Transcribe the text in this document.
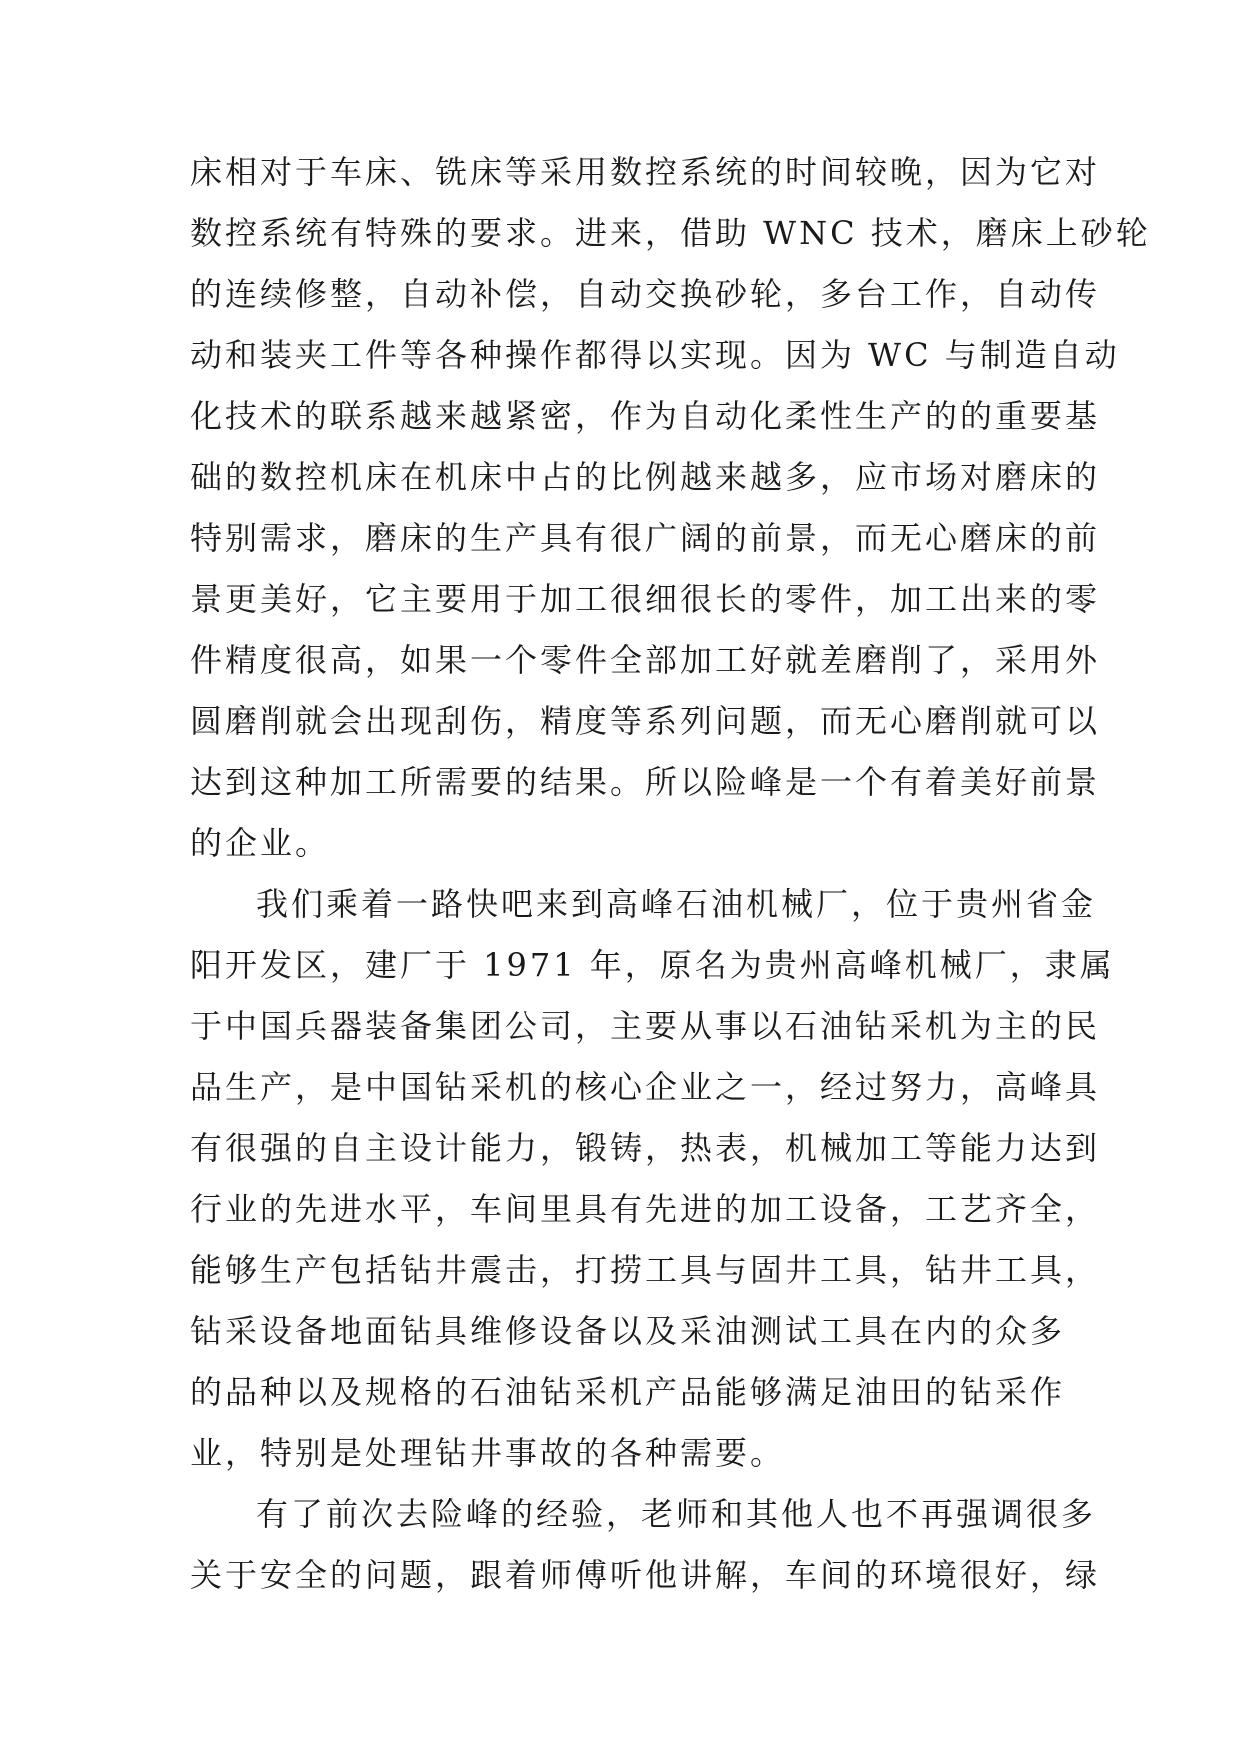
床相对于车床、铣床等采用数控系统的时间较晚，因为它对
数控系统有特殊的要求。进来，借助 WNC 技术，磨床上砂轮
的连续修整，自动补偿，自动交换砂轮，多台工作，自动传
动和装夹工件等各种操作都得以实现。因为 WC 与制造自动
化技术的联系越来越紧密，作为自动化柔性生产的的重要基
础的数控机床在机床中占的比例越来越多，应市场对磨床的
特别需求，磨床的生产具有很广阔的前景，而无心磨床的前
景更美好，它主要用于加工很细很长的零件，加工出来的零
件精度很高，如果一个零件全部加工好就差磨削了，采用外
圆磨削就会出现刮伤，精度等系列问题，而无心磨削就可以
达到这种加工所需要的结果。所以险峰是一个有着美好前景
的企业。
我们乘着一路快吧来到高峰石油机械厂，位于贵州省金
阳开发区，建厂于 1971 年，原名为贵州高峰机械厂，隶属
于中国兵器装备集团公司，主要从事以石油钻采机为主的民
品生产，是中国钻采机的核心企业之一，经过努力，高峰具
有很强的自主设计能力，锻铸，热表，机械加工等能力达到
行业的先进水平，车间里具有先进的加工设备，工艺齐全，
能够生产包括钻井震击，打捞工具与固井工具，钻井工具，
钻采设备地面钻具维修设备以及采油测试工具在内的众多
的品种以及规格的石油钻采机产品能够满足油田的钻采作
业，特别是处理钻井事故的各种需要。
有了前次去险峰的经验，老师和其他人也不再强调很多
关于安全的问题，跟着师傅听他讲解，车间的环境很好，绿
